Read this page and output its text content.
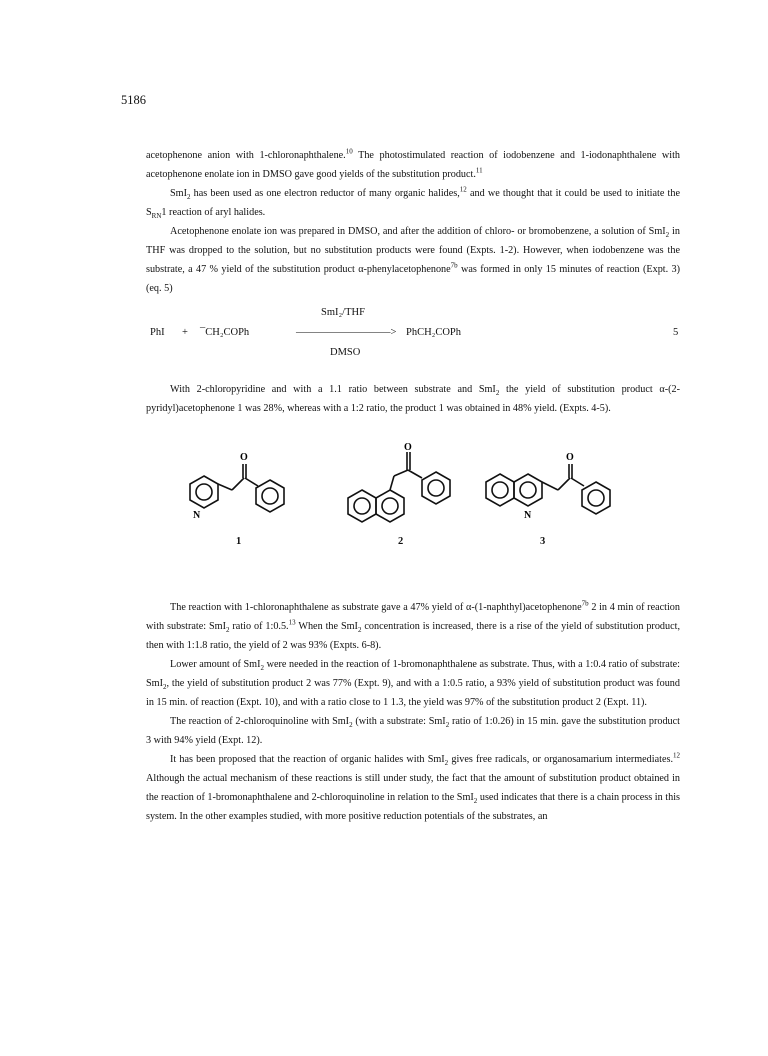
5186

acetophenone anion with 1-chloronaphthalene.$^{10}$ The photostimulated reaction of iodobenzene and 1-iodonaphthalene with acetophenone enolate ion in DMSO gave good yields of the substitution product.$^{11}$

SmI$_2$ has been used as one electron reductor of many organic halides,$^{12}$ and we thought that it could be used to initiate the $S_{RN}1$ reaction of aryl halides.

Acetophenone enolate ion was prepared in DMSO, and after the addition of chloro- or bromobenzene, a solution of SmI$_2$ in THF was dropped to the solution, but no substitution products were found (Expts. 1-2). However, when iodobenzene was the substrate, a 47 % yield of the substitution product α-phenylacetophenone$^{7b}$ was formed in only 15 minutes of reaction (Expt. 3) (eq. 5)

PhI + ¯CH₂COPh
SmI₂/THF
—————————>
DMSO
PhCH₂COPh	5

With 2-chloropyridine and with a 1.1 ratio between substrate and SmI$_2$ the yield of substitution product α-(2-pyridyl)acetophenone 1 was 28%, whereas with a 1:2 ratio, the product 1 was obtained in 48% yield. (Expts. 4-5).

N
O
1
O
2
N
O
3

The reaction with 1-chloronaphthalene as substrate gave a 47% yield of α-(1-naphthyl)acetophenone$^{7b}$ 2 in 4 min of reaction with substrate: SmI$_2$ ratio of 1:0.5.13 When the SmI$_2$ concentration is increased, there is a rise of the yield of substitution product, then with 1:1.8 ratio, the yield of 2 was 93% (Expts. 6-8).

Lower amount of SmI$_2$ were needed in the reaction of 1-bromonaphthalene as substrate. Thus, with a 1:0.4 ratio of substrate: SmI$_2$, the yield of substitution product 2 was 77% (Expt. 9), and with a 1:0.5 ratio, a 93% yield of substitution product was found in 15 min. of reaction (Expt. 10), and with a ratio close to 1 1.3, the yield was 97% of the substitution product 2 (Expt. 11).

The reaction of 2-chloroquinoline with SmI$_2$ (with a substrate: SmI$_2$ ratio of 1:0.26) in 15 min. gave the substitution product 3 with 94% yield (Expt. 12).

It has been proposed that the reaction of organic halides with SmI$_2$ gives free radicals, or organosamarium intermediates.$^{12}$ Although the actual mechanism of these reactions is still under study, the fact that the amount of substitution product obtained in the reaction of 1-bromonaphthalene and 2-chloroquinoline in relation to the SmI$_2$ used indicates that there is a chain process in this system. In the other examples studied, with more positive reduction potentials of the substrates, an
